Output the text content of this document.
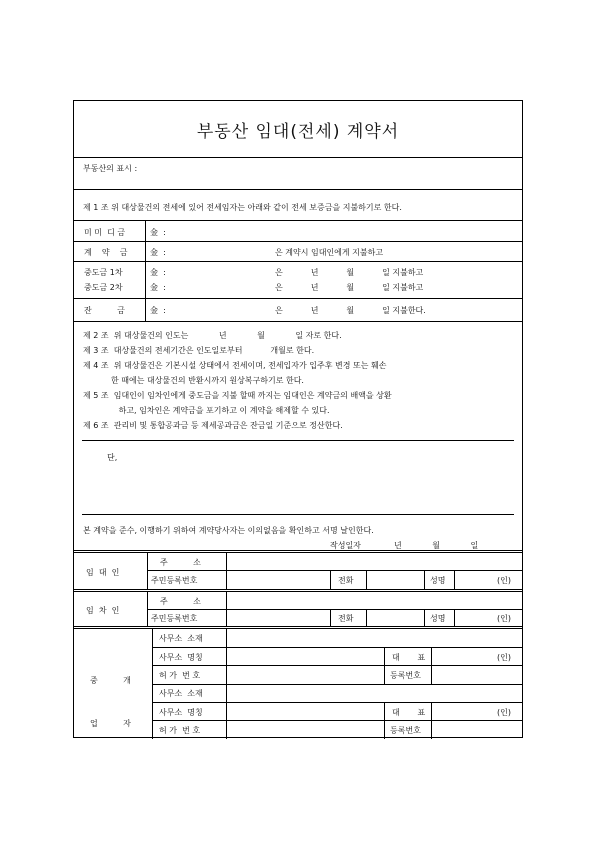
부동산 임대(전세) 계약서
부동산의 표시 :
제 1 조 위 대상물건의 전세에 있어 전세임자는 아래와 같이 전세 보증금을 지불하기로 한다.
미 미  디 금	金  :
계    약    금	金  :	은 계약시 임대인에게 지불하고
중도금 1차	金  :	은           년           월           일 지불하고
중도금 2차	金  :	은           년           월           일 지불하고
잔          금	金  :	은           년           월           일 지불한다.
제 2 조  위 대상물건의 인도는            년            월            일 자로 한다.
제 3 조  대상물건의 전세기간은 인도일로부터           개월로 한다.
제 4 조  위 대상물건은 기본시설 상태에서 전세이며, 전세입자가 입주후 변경 또는 훼손
한 때에는 대상물건의 반환시까지 원상복구하기로 한다.
제 5 조  임대인이 임차인에게 중도금을 지불 할때 까지는 임대인은 계약금의 배액을 상환
하고, 임차인은 계약금을 포기하고 이 계약을 해제할 수 있다.
제 6 조  관리비 및 통합공과금 등 제세공과금은 잔금일 기준으로 정산한다.
단,
본 계약을 준수, 이행하기 위하여 계약당사자는 이의없음을 확인하고 서명 날인한다.
작성일자             년            월            일
임  대  인
주          소
주민등록번호	전화	성명	(인)
임  차  인
주          소
주민등록번호	전화	성명	(인)
중          개
업          자
사무소  소재
사무소  명칭	대       표	(인)
허 가  번 호	등록번호
사무소  소재
사무소  명칭	대       표	(인)
허 가  번 호	등록번호
